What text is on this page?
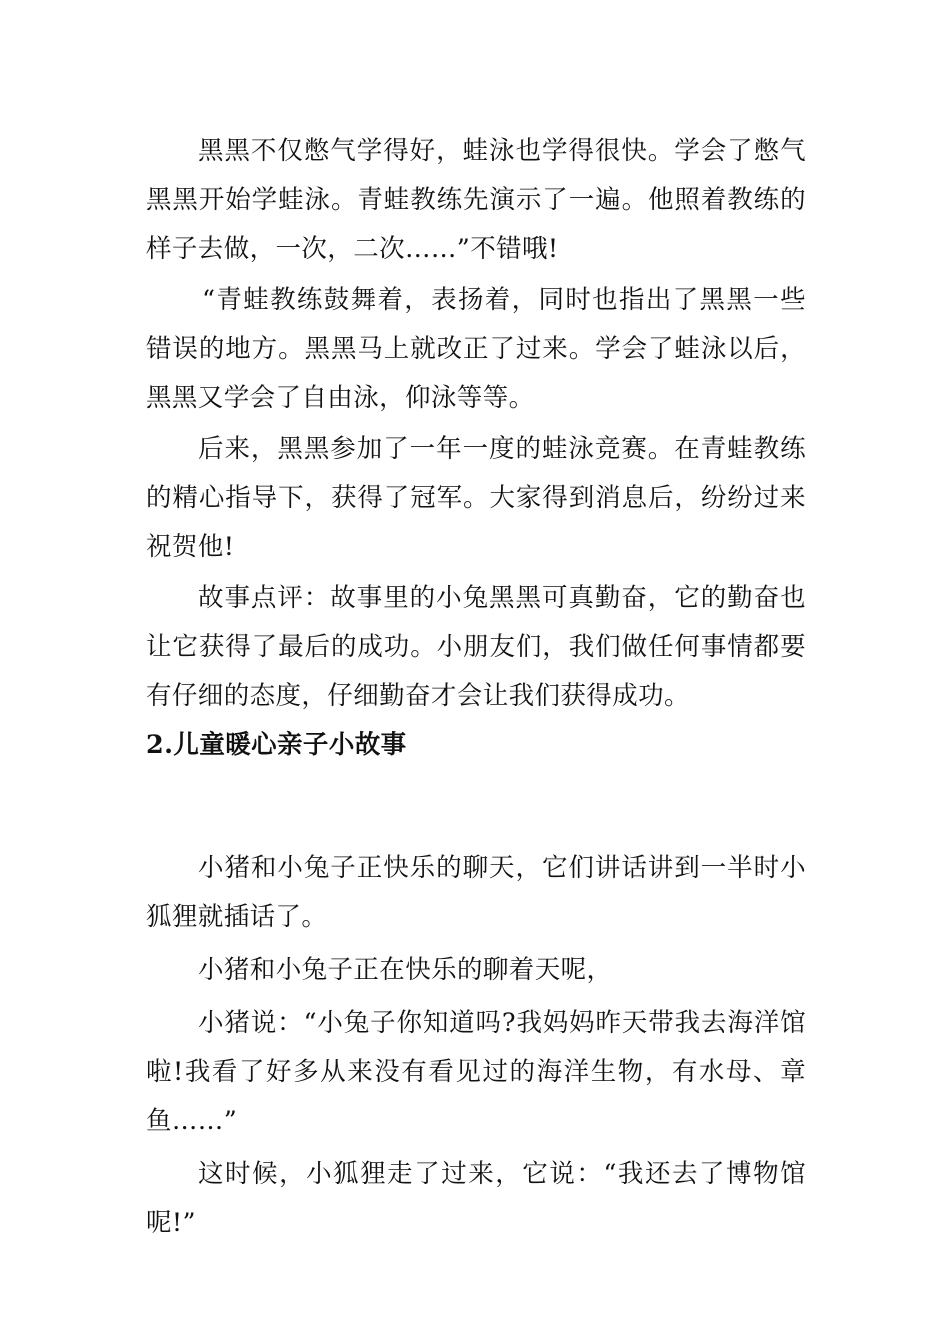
黑黑不仅憋气学得好，蛙泳也学得很快。学会了憋气黑黑开始学蛙泳。青蛙教练先演示了一遍。他照着教练的样子去做，一次，二次……”不错哦!

“青蛙教练鼓舞着，表扬着，同时也指出了黑黑一些错误的地方。黑黑马上就改正了过来。学会了蛙泳以后，黑黑又学会了自由泳，仰泳等等。

后来，黑黑参加了一年一度的蛙泳竞赛。在青蛙教练的精心指导下，获得了冠军。大家得到消息后，纷纷过来祝贺他!

故事点评：故事里的小兔黑黑可真勤奋，它的勤奋也让它获得了最后的成功。小朋友们，我们做任何事情都要有仔细的态度，仔细勤奋才会让我们获得成功。

2.儿童暖心亲子小故事

小猪和小兔子正快乐的聊天，它们讲话讲到一半时小狐狸就插话了。

小猪和小兔子正在快乐的聊着天呢，

小猪说：“小兔子你知道吗?我妈妈昨天带我去海洋馆啦!我看了好多从来没有看见过的海洋生物，有水母、章鱼……”

这时候，小狐狸走了过来，它说：“我还去了博物馆呢!”
